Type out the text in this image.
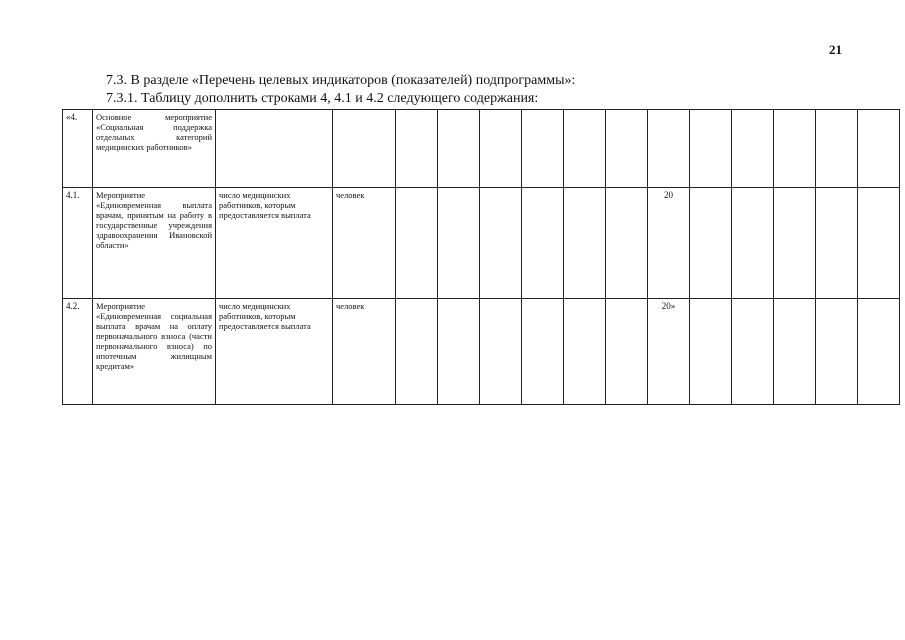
21
7.3. В разделе «Перечень целевых индикаторов (показателей) подпрограммы»:
7.3.1. Таблицу дополнить строками 4, 4.1 и 4.2 следующего содержания:
«4.	Основное мероприятие «Социальная поддержка отдельных категорий медицинских работников»														
4.1.	Мероприятие «Единовременная выплата врачам, принятым на работу в государственные учреждения здравоохранения Ивановской области»	число медицинских работников, которым предоставляется выплата	человек							20					
4.2.	Мероприятие «Единовременная социальная выплата врачам на оплату первоначального взноса (части первоначального взноса) по ипотечным жилищным кредитам»	число медицинских работников, которым предоставляется выплата	человек							20»					
